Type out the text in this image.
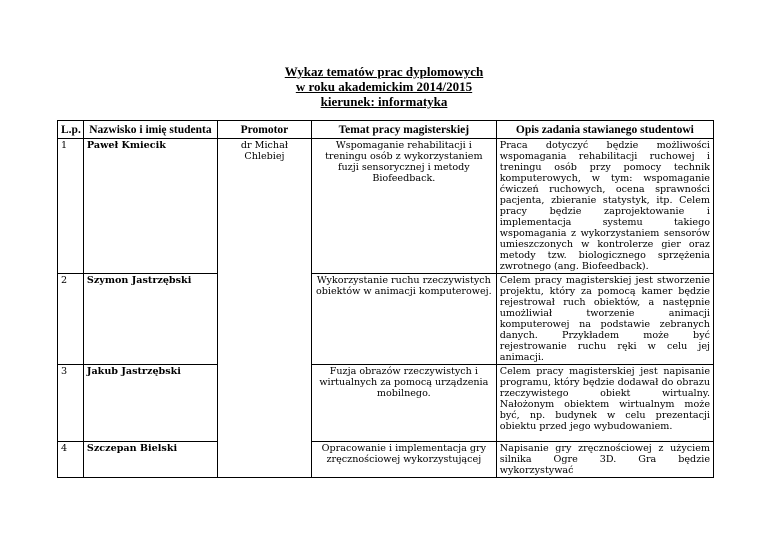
Wykaz tematów prac dyplomowych
w roku akademickim 2014/2015
kierunek: informatyka
L.p.	Nazwisko i imię studenta	Promotor	Temat pracy magisterskiej	Opis zadania stawianego studentowi
1	Paweł Kmiecik	dr Michał Chlebiej	Wspomaganie rehabilitacji i treningu osób z wykorzystaniem fuzji sensorycznej i metody Biofeedback.	Praca dotyczyć będzie możliwości wspomagania rehabilitacji ruchowej i treningu osób przy pomocy technik komputerowych, w tym: wspomaganie ćwiczeń ruchowych, ocena sprawności pacjenta, zbieranie statystyk, itp. Celem pracy będzie zaprojektowanie i implementacja systemu takiego wspomagania z wykorzystaniem sensorów umieszczonych w kontrolerze gier oraz metody tzw. biologicznego sprzężenia zwrotnego (ang. Biofeedback).
2	Szymon Jastrzębski		Wykorzystanie ruchu rzeczywistych obiektów w animacji komputerowej.	Celem pracy magisterskiej jest stworzenie projektu, który za pomocą kamer będzie rejestrował ruch obiektów, a następnie umożliwiał tworzenie animacji komputerowej na podstawie zebranych danych. Przykładem może być rejestrowanie ruchu ręki w celu jej animacji.
3	Jakub Jastrzębski		Fuzja obrazów rzeczywistych i wirtualnych za pomocą urządzenia mobilnego.	Celem pracy magisterskiej jest napisanie programu, który będzie dodawał do obrazu rzeczywistego obiekt wirtualny. Nałożonym obiektem wirtualnym może być, np. budynek w celu prezentacji obiektu przed jego wybudowaniem.
4	Szczepan Bielski		Opracowanie i implementacja gry zręcznościowej wykorzystującej	Napisanie gry zręcznościowej z użyciem silnika Ogre 3D. Gra będzie wykorzystywać
